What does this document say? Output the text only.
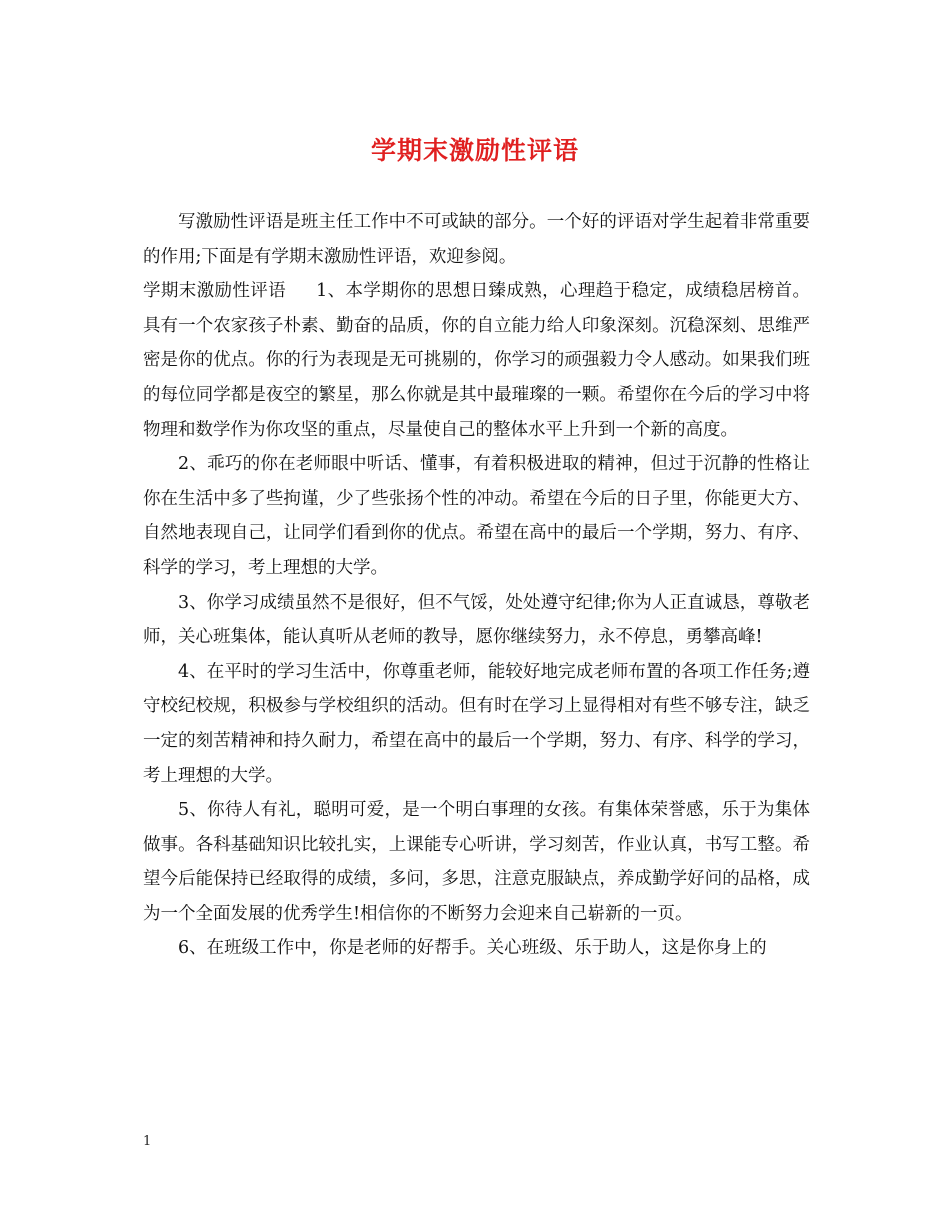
学期末激励性评语

写激励性评语是班主任工作中不可或缺的部分。一个好的评语对学生起着非常重要的作用;下面是有学期末激励性评语，欢迎参阅。

学期末激励性评语 1、本学期你的思想日臻成熟，心理趋于稳定，成绩稳居榜首。具有一个农家孩子朴素、勤奋的品质，你的自立能力给人印象深刻。沉稳深刻、思维严密是你的优点。你的行为表现是无可挑剔的，你学习的顽强毅力令人感动。如果我们班的每位同学都是夜空的繁星，那么你就是其中最璀璨的一颗。希望你在今后的学习中将物理和数学作为你攻坚的重点，尽量使自己的整体水平上升到一个新的高度。

2、乖巧的你在老师眼中听话、懂事，有着积极进取的精神，但过于沉静的性格让你在生活中多了些拘谨，少了些张扬个性的冲动。希望在今后的日子里，你能更大方、自然地表现自己，让同学们看到你的优点。希望在高中的最后一个学期，努力、有序、科学的学习，考上理想的大学。

3、你学习成绩虽然不是很好，但不气馁，处处遵守纪律;你为人正直诚恳，尊敬老师，关心班集体，能认真听从老师的教导，愿你继续努力，永不停息，勇攀高峰!

4、在平时的学习生活中，你尊重老师，能较好地完成老师布置的各项工作任务;遵守校纪校规，积极参与学校组织的活动。但有时在学习上显得相对有些不够专注，缺乏一定的刻苦精神和持久耐力，希望在高中的最后一个学期，努力、有序、科学的学习，考上理想的大学。

5、你待人有礼，聪明可爱，是一个明白事理的女孩。有集体荣誉感，乐于为集体做事。各科基础知识比较扎实，上课能专心听讲，学习刻苦，作业认真，书写工整。希望今后能保持已经取得的成绩，多问，多思，注意克服缺点，养成勤学好问的品格，成为一个全面发展的优秀学生!相信你的不断努力会迎来自己崭新的一页。

6、在班级工作中，你是老师的好帮手。关心班级、乐于助人，这是你身上的

1
